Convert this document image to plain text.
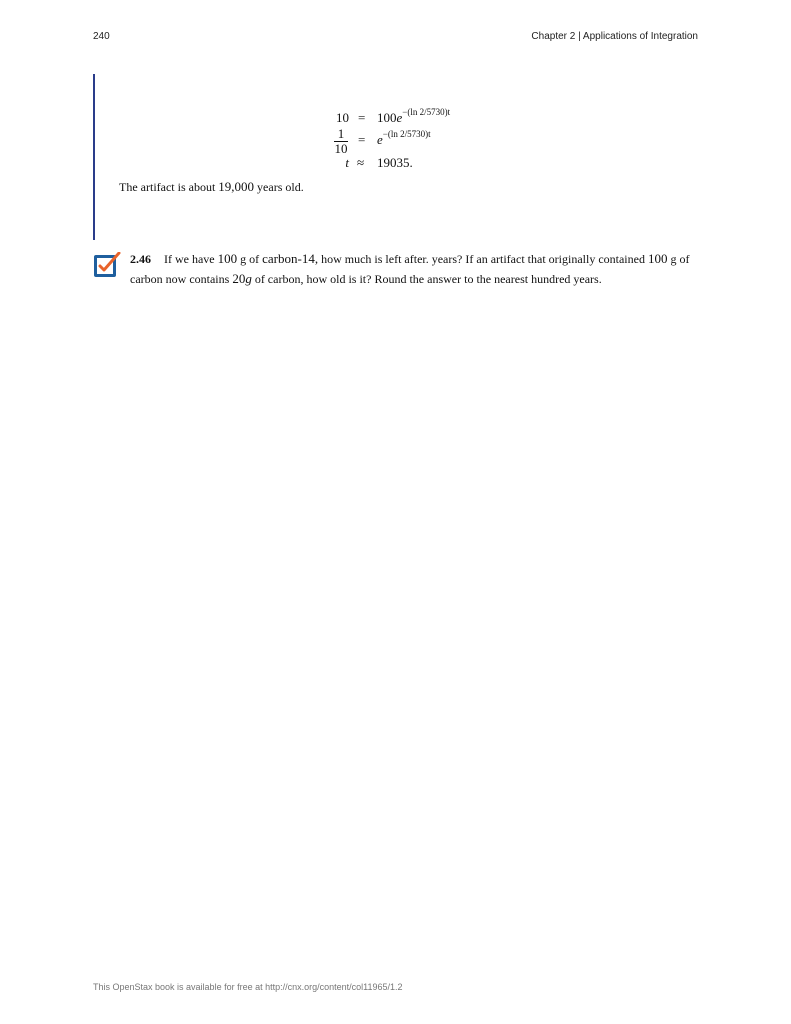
240	Chapter 2 | Applications of Integration
$10 = 100e^{-(ln 2/5730)t}$
1
10
= $e^{-(ln 2/5730)t}$
t ≈ 19035.
The artifact is about 19,000 years old.
2.46 If we have 100 g of carbon-14, how much is left after. years? If an artifact that originally contained 100 g of carbon now contains 20g of carbon, how old is it? Round the answer to the nearest hundred years.
This OpenStax book is available for free at http://cnx.org/content/col11965/1.2
